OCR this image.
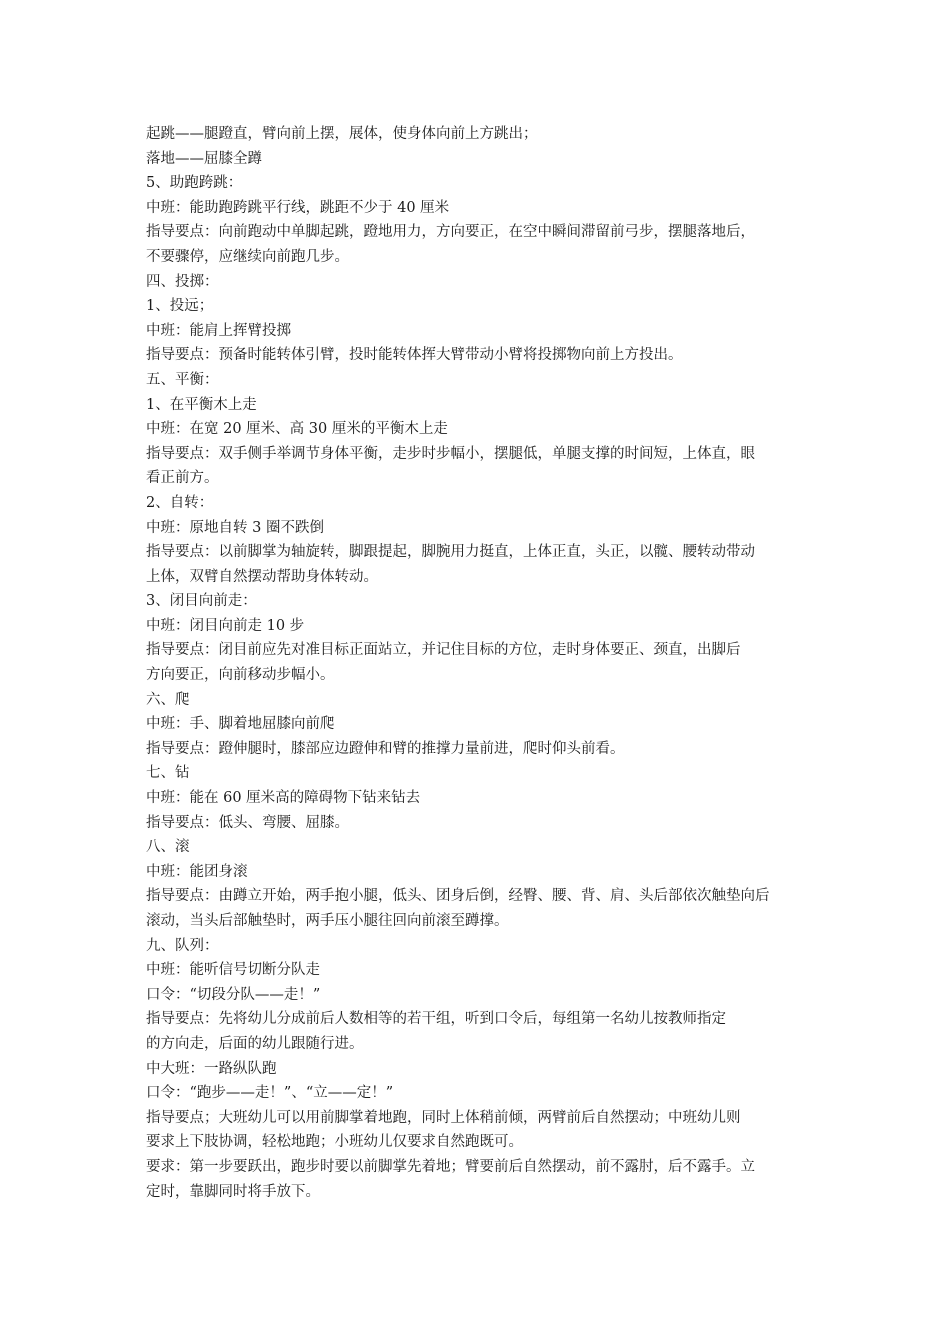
起跳——腿蹬直，臂向前上摆，展体，使身体向前上方跳出；

落地——屈膝全蹲

5、助跑跨跳：

中班：能助跑跨跳平行线，跳距不少于 40 厘米

指导要点：向前跑动中单脚起跳，蹬地用力，方向要正，在空中瞬间滞留前弓步，摆腿落地后，

不要骤停，应继续向前跑几步。

四、投掷：

1、投远；

中班：能肩上挥臂投掷

指导要点：预备时能转体引臂，投时能转体挥大臂带动小臂将投掷物向前上方投出。

五、平衡：

1、在平衡木上走

中班：在宽 20 厘米、高 30 厘米的平衡木上走

指导要点：双手侧手举调节身体平衡，走步时步幅小，摆腿低，单腿支撑的时间短，上体直，眼

看正前方。

2、自转：

中班：原地自转 3 圈不跌倒

指导要点：以前脚掌为轴旋转，脚跟提起，脚腕用力挺直，上体正直，头正，以髋、腰转动带动

上体，双臂自然摆动帮助身体转动。

3、闭目向前走：

中班：闭目向前走 10 步

指导要点：闭目前应先对准目标正面站立，并记住目标的方位，走时身体要正、颈直，出脚后

方向要正，向前移动步幅小。

六、爬

中班：手、脚着地屈膝向前爬

指导要点：蹬伸腿时，膝部应边蹬伸和臂的推撑力量前进，爬时仰头前看。

七、钻

中班：能在 60 厘米高的障碍物下钻来钻去

指导要点：低头、弯腰、屈膝。

八、滚

中班：能团身滚

指导要点：由蹲立开始，两手抱小腿，低头、团身后倒，经臀、腰、背、肩、头后部依次触垫向后

滚动，当头后部触垫时，两手压小腿往回向前滚至蹲撑。

九、队列：

中班：能听信号切断分队走

口令：“切段分队——走！”

指导要点：先将幼儿分成前后人数相等的若干组，听到口令后，每组第一名幼儿按教师指定

的方向走，后面的幼儿跟随行进。

中大班：一路纵队跑

口令：“跑步——走！”、“立——定！”

指导要点；大班幼儿可以用前脚掌着地跑，同时上体稍前倾，两臂前后自然摆动；中班幼儿则

要求上下肢协调，轻松地跑；小班幼儿仅要求自然跑既可。

要求：第一步要跃出，跑步时要以前脚掌先着地；臂要前后自然摆动，前不露肘，后不露手。立

定时，靠脚同时将手放下。
